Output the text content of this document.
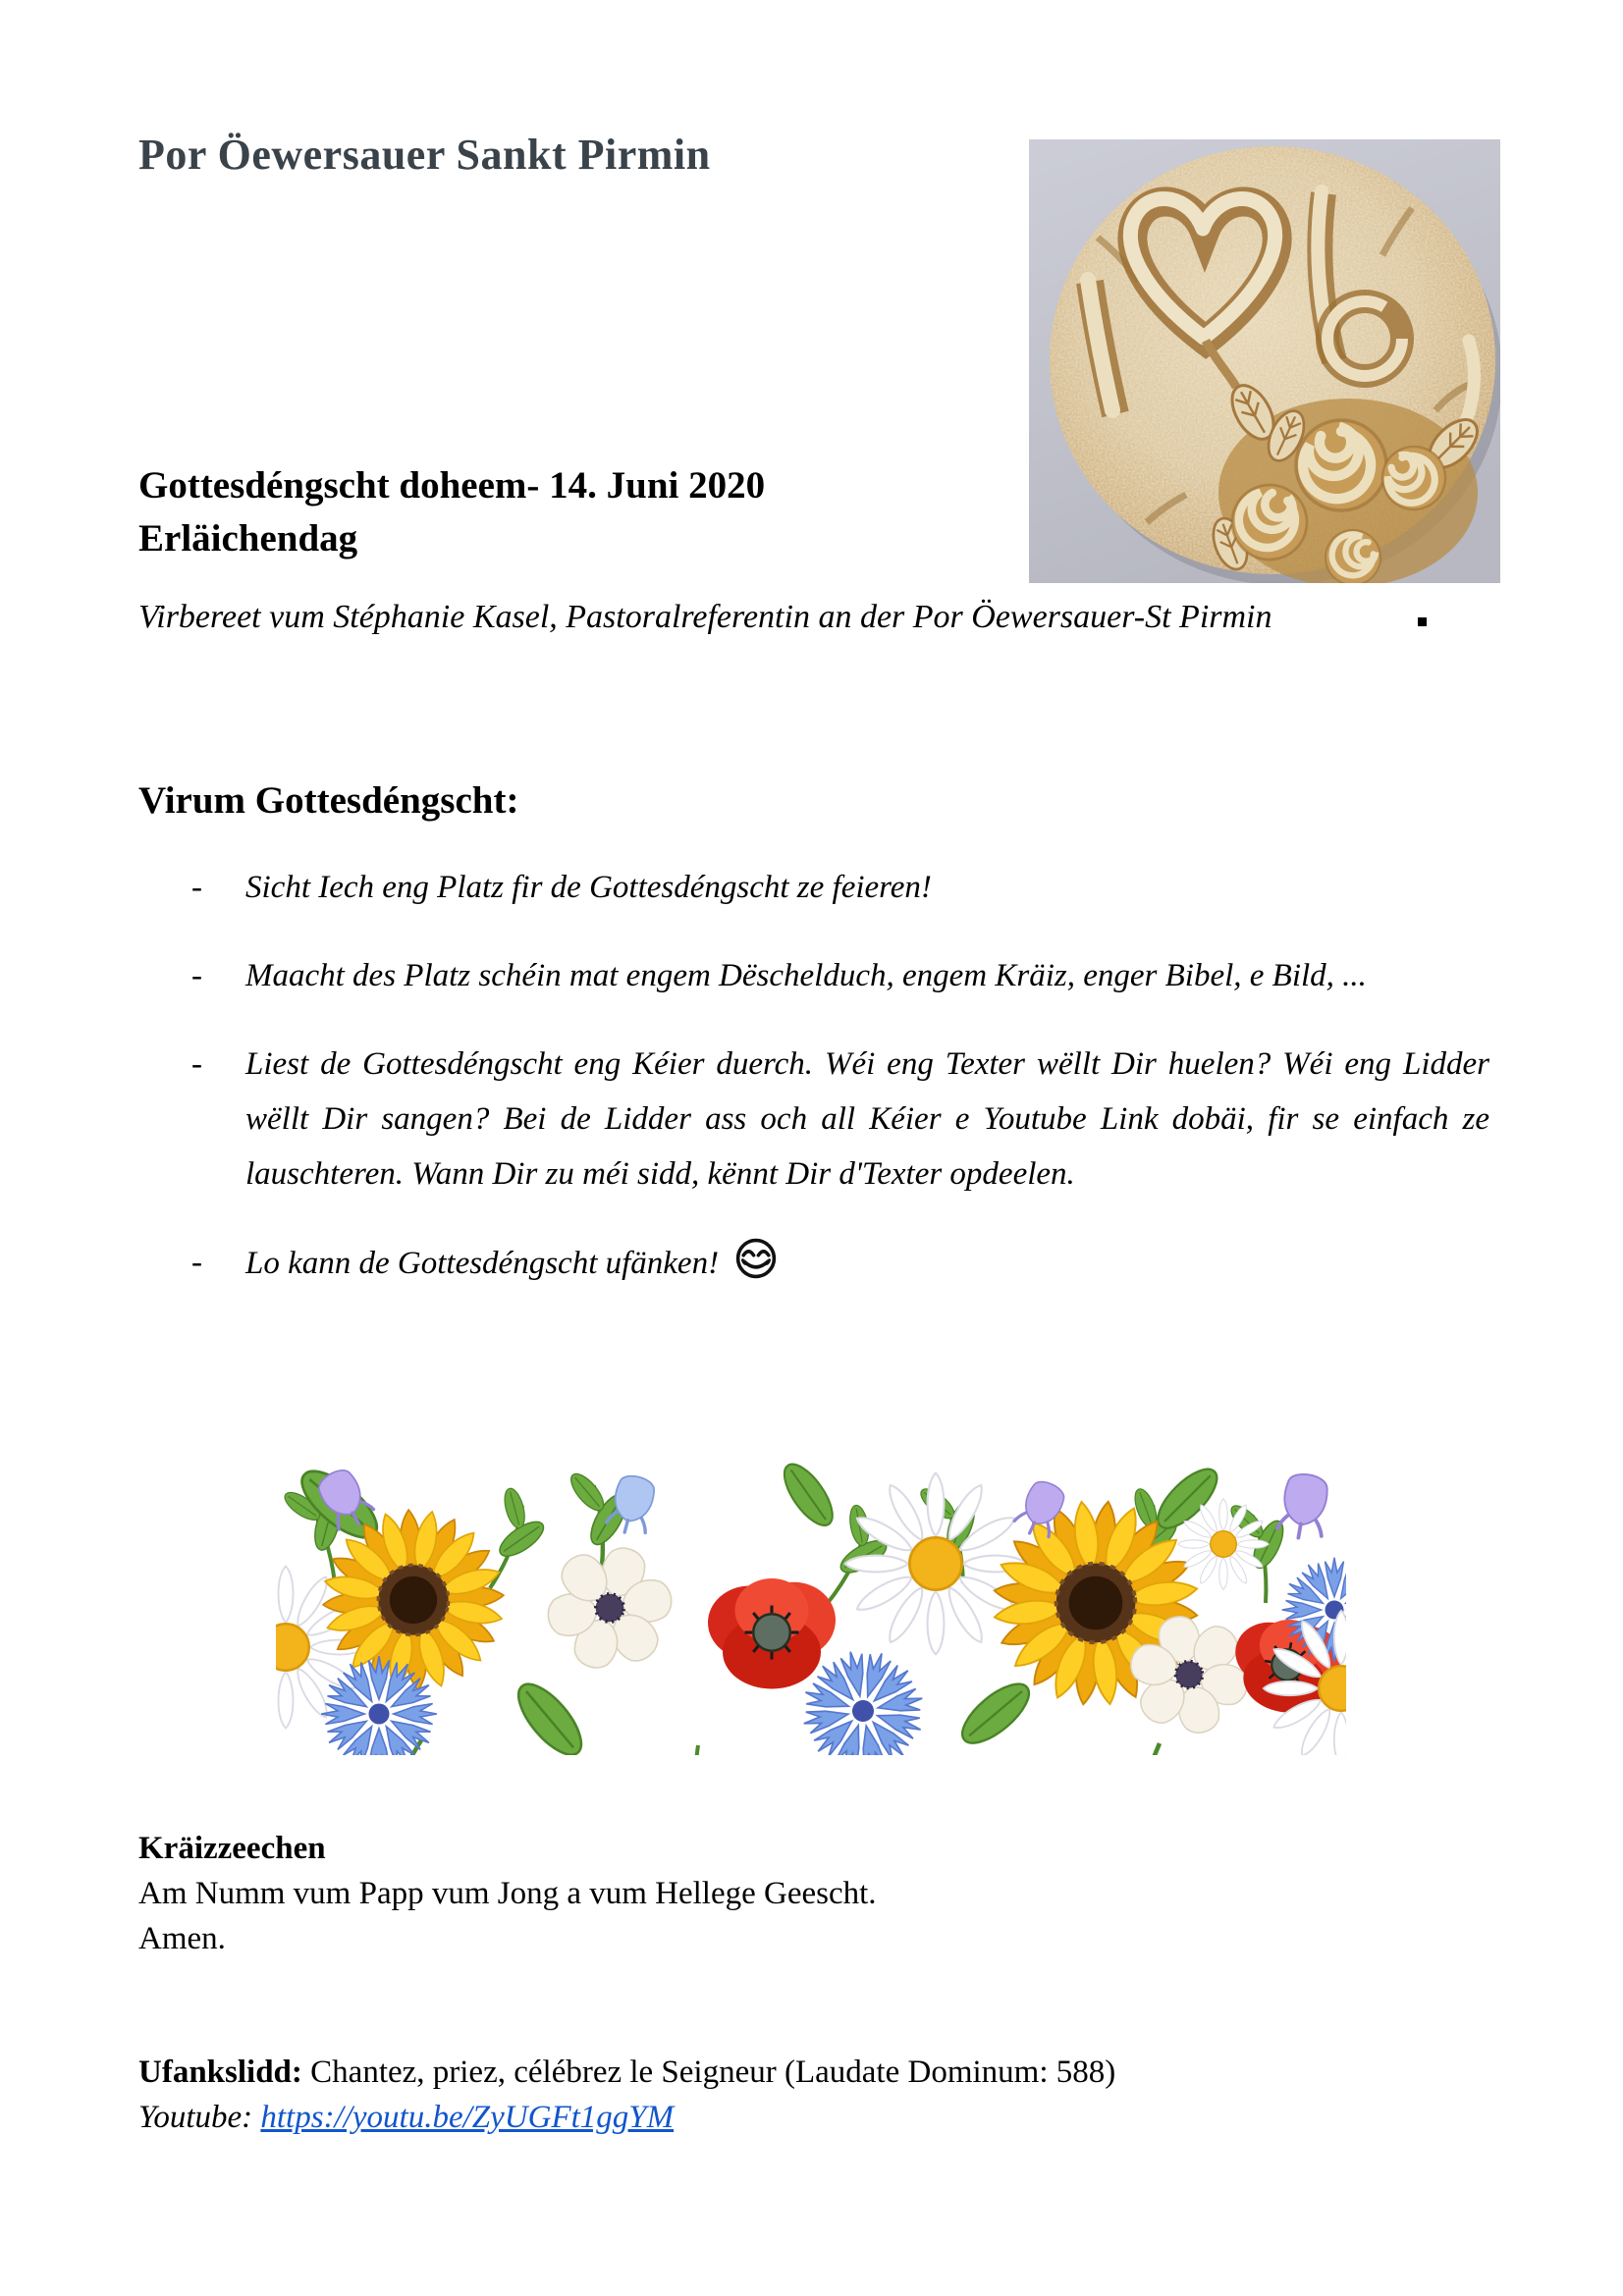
Por Öewersauer Sankt Pirmin
Gottesdéngscht doheem- 14. Juni 2020
Erläichendag
Virbereet vum Stéphanie Kasel, Pastoralreferentin an der Por Öewersauer-St Pirmin
Virum Gottesdéngscht:
-	Sicht Iech eng Platz fir de Gottesdéngscht ze feieren!
-	Maacht des Platz schéin mat engem Dëschelduch, engem Kräiz, enger Bibel, e Bild, ...
-	Liest de Gottesdéngscht eng Kéier duerch. Wéi eng Texter wëllt Dir huelen? Wéi eng Lidder wëllt Dir sangen? Bei de Lidder ass och all Kéier e Youtube Link dobäi, fir se einfach ze lauschteren. Wann Dir zu méi sidd, kënnt Dir d'Texter opdeelen.
-	Lo kann de Gottesdéngscht ufänken!
Kräizzeechen
Am Numm vum Papp vum Jong a vum Hellege Geescht.
Amen.
Ufankslidd: Chantez, priez, célébrez le Seigneur (Laudate Dominum: 588)
Youtube: https://youtu.be/ZyUGFt1ggYM
